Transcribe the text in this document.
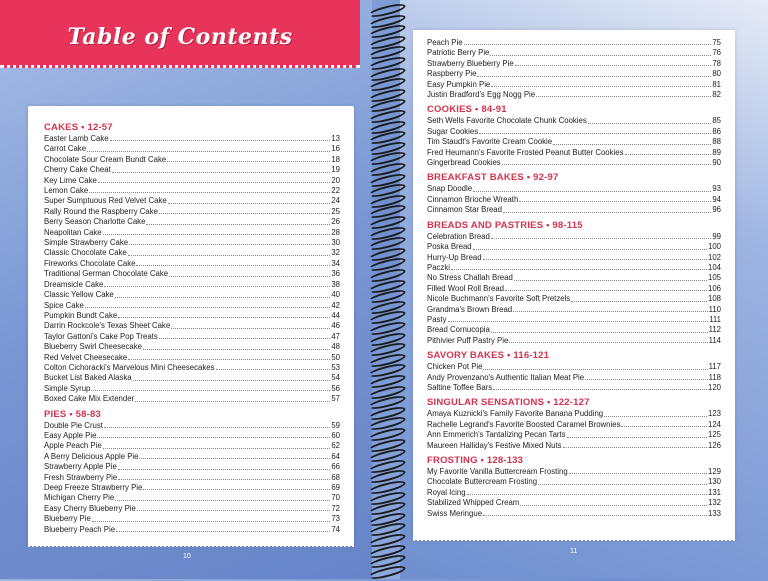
Table of Contents
CAKES • 12-57
Easter Lamb Cake	13
Carrot Cake	16
Chocolate Sour Cream Bundt Cake	18
Cherry Cake Cheat	19
Key Lime Cake	20
Lemon Cake	22
Super Sumptuous Red Velvet Cake	24
Rally Round the Raspberry Cake	25
Berry Season Charlotte Cake	26
Neapolitan Cake	28
Simple Strawberry Cake	30
Classic Chocolate Cake	32
Fireworks Chocolate Cake	34
Traditional German Chocolate Cake	36
Dreamsicle Cake	38
Classic Yellow Cake	40
Spice Cake	42
Pumpkin Bundt Cake	44
Darrin Rockcole's Texas Sheet Cake	46
Taylor Gattoni's Cake Pop Treats	47
Blueberry Swirl Cheesecake	48
Red Velvet Cheesecake	50
Colton Cichoracki's Marvelous Mini Cheesecakes	53
Bucket List Baked Alaska	54
Simple Syrup	56
Boxed Cake Mix Extender	57
PIES • 58-83
Double Pie Crust	59
Easy Apple Pie	60
Apple Peach Pie	62
A Berry Delicious Apple Pie	64
Strawberry Apple Pie	66
Fresh Strawberry Pie	68
Deep Freeze Strawberry Pie	69
Michigan Cherry Pie	70
Easy Cherry Blueberry Pie	72
Blueberry Pie	73
Blueberry Peach Pie	74
Peach Pie	75
Patriotic Berry Pie	76
Strawberry Blueberry Pie	78
Raspberry Pie	80
Easy Pumpkin Pie	81
Justin Bradford's Egg Nogg Pie	82
COOKIES • 84-91
Seth Wells Favorite Chocolate Chunk Cookies	85
Sugar Cookies	86
Tim Staudt's Favorite Cream Cookie	88
Fred Heumann's Favorite Frosted Peanut Butter Cookies	89
Gingerbread Cookies	90
BREAKFAST BAKES • 92-97
Snap Doodle	93
Cinnamon Brioche Wreath	94
Cinnamon Star Bread	96
BREADS AND PASTRIES • 98-115
Celebration Bread	99
Poska Bread	100
Hurry-Up Bread	102
Paczki	104
No Stress Challah Bread	105
Filled Wool Roll Bread	106
Nicole Buchmann's Favorite Soft Pretzels	108
Grandma's Brown Bread	110
Pasty	111
Bread Cornucopia	112
Pithivier Puff Pastry Pie	114
SAVORY BAKES • 116-121
Chicken Pot Pie	117
Andy Provenzano's Authentic Italian Meat Pie	118
Saltine Toffee Bars	120
SINGULAR SENSATIONS • 122-127
Amaya Kuznicki's Family Favorite Banana Pudding	123
Rachelle Legrand's Favorite Boosted Caramel Brownies	124
Ann Emmerich's Tantalizing Pecan Tarts	125
Maureen Halliday's Festive Mixed Nuts	126
FROSTING • 128-133
My Favorite Vanilla Buttercream Frosting	129
Chocolate Buttercream Frosting	130
Royal Icing	131
Stabilized Whipped Cream	132
Swiss Meringue	133
10
11
